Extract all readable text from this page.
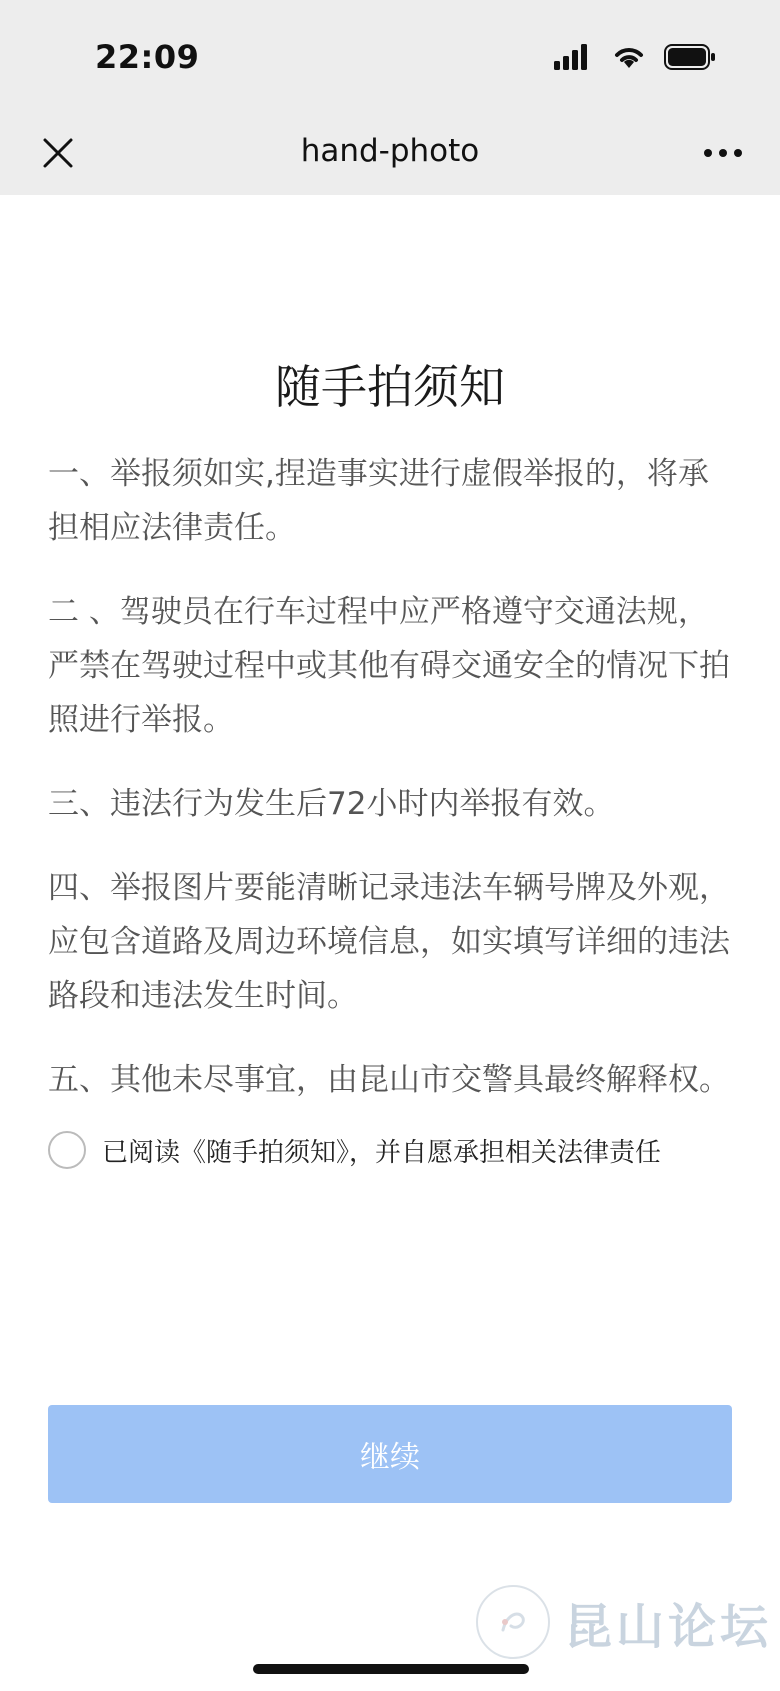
22:09
hand-photo
随手拍须知

一、举报须如实,捏造事实进行虚假举报的，将承担相应法律责任。

二 、驾驶员在行车过程中应严格遵守交通法规，严禁在驾驶过程中或其他有碍交通安全的情况下拍照进行举报。

三、违法行为发生后72小时内举报有效。

四、举报图片要能清晰记录违法车辆号牌及外观，应包含道路及周边环境信息，如实填写详细的违法路段和违法发生时间。

五、其他未尽事宜，由昆山市交警具最终解释权。

已阅读《随手拍须知》，并自愿承担相关法律责任
继续
昆山论坛
